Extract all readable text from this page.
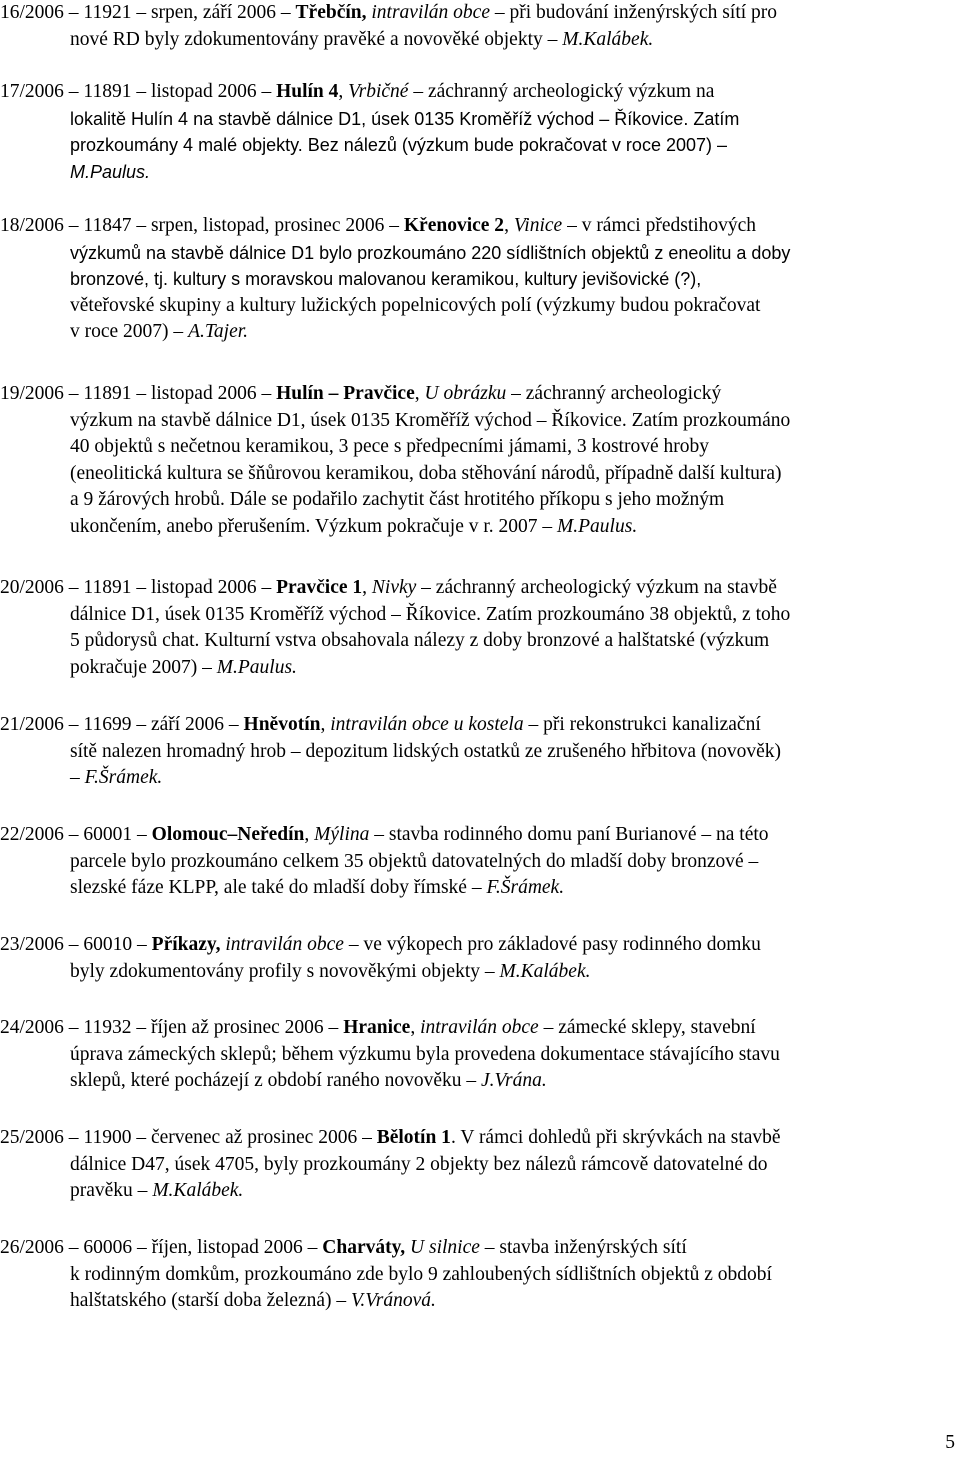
16/2006 – 11921 – srpen, září 2006 – Třebčín, intravilán obce – při budování inženýrských sítí pro
nové RD byly zdokumentovány pravěké a novověké objekty – M.Kalábek.
17/2006 – 11891 – listopad 2006 – Hulín 4, Vrbičné – záchranný archeologický výzkum na
lokalitě Hulín 4 na stavbě dálnice D1, úsek 0135 Kroměříž východ – Říkovice. Zatím
prozkoumány 4 malé objekty. Bez nálezů (výzkum bude pokračovat v roce 2007) –
M.Paulus.
18/2006 – 11847 – srpen, listopad, prosinec 2006 – Křenovice 2, Vinice – v rámci předstihových
výzkumů na stavbě dálnice D1 bylo prozkoumáno 220 sídlištních objektů z eneolitu a doby
bronzové, tj. kultury s moravskou malovanou keramikou, kultury jevišovické (?),
věteřovské skupiny a kultury lužických popelnicových polí (výzkumy budou pokračovat
v roce 2007) – A.Tajer.
19/2006 – 11891 – listopad 2006 – Hulín – Pravčice, U obrázku – záchranný archeologický
výzkum na stavbě dálnice D1, úsek 0135 Kroměříž východ – Říkovice. Zatím prozkoumáno
40 objektů s nečetnou keramikou, 3 pece s předpecními jámami, 3 kostrové hroby
(eneolitická kultura se šňůrovou keramikou, doba stěhování národů, případně další kultura)
a 9 žárových hrobů. Dále se podařilo zachytit část hrotitého příkopu s jeho možným
ukončením, anebo přerušením. Výzkum pokračuje v r. 2007 – M.Paulus.
20/2006 – 11891 – listopad 2006 – Pravčice 1, Nivky – záchranný archeologický výzkum na stavbě
dálnice D1, úsek 0135 Kroměříž východ – Říkovice. Zatím prozkoumáno 38 objektů, z toho
5 půdorysů chat. Kulturní vstva obsahovala nálezy z doby bronzové a halštatské (výzkum
pokračuje 2007) – M.Paulus.
21/2006 – 11699 – září 2006 – Hněvotín, intravilán obce u kostela – při rekonstrukci kanalizační
sítě nalezen hromadný hrob – depozitum lidských ostatků ze zrušeného hřbitova (novověk)
– F.Šrámek.
22/2006 – 60001 – Olomouc–Neředín, Mýlina – stavba rodinného domu paní Burianové – na této
parcele bylo prozkoumáno celkem 35 objektů datovatelných do mladší doby bronzové –
slezské fáze KLPP, ale také do mladší doby římské – F.Šrámek.
23/2006 – 60010 – Příkazy, intravilán obce – ve výkopech pro základové pasy rodinného domku
byly zdokumentovány profily s novověkými objekty – M.Kalábek.
24/2006 – 11932 – říjen až prosinec 2006 – Hranice, intravilán obce – zámecké sklepy, stavební
úprava zámeckých sklepů; během výzkumu byla provedena dokumentace stávajícího stavu
sklepů, které pocházejí z období raného novověku – J.Vrána.
25/2006 – 11900 – červenec až prosinec 2006 – Bělotín 1. V rámci dohledů při skrývkách na stavbě
dálnice D47, úsek 4705, byly prozkoumány 2 objekty bez nálezů rámcově datovatelné do
pravěku – M.Kalábek.
26/2006 – 60006 – říjen, listopad 2006 – Charváty, U silnice – stavba inženýrských sítí
k rodinným domkům, prozkoumáno zde bylo 9 zahloubených sídlištních objektů z období
halštatského (starší doba železná) – V.Vránová.
5
